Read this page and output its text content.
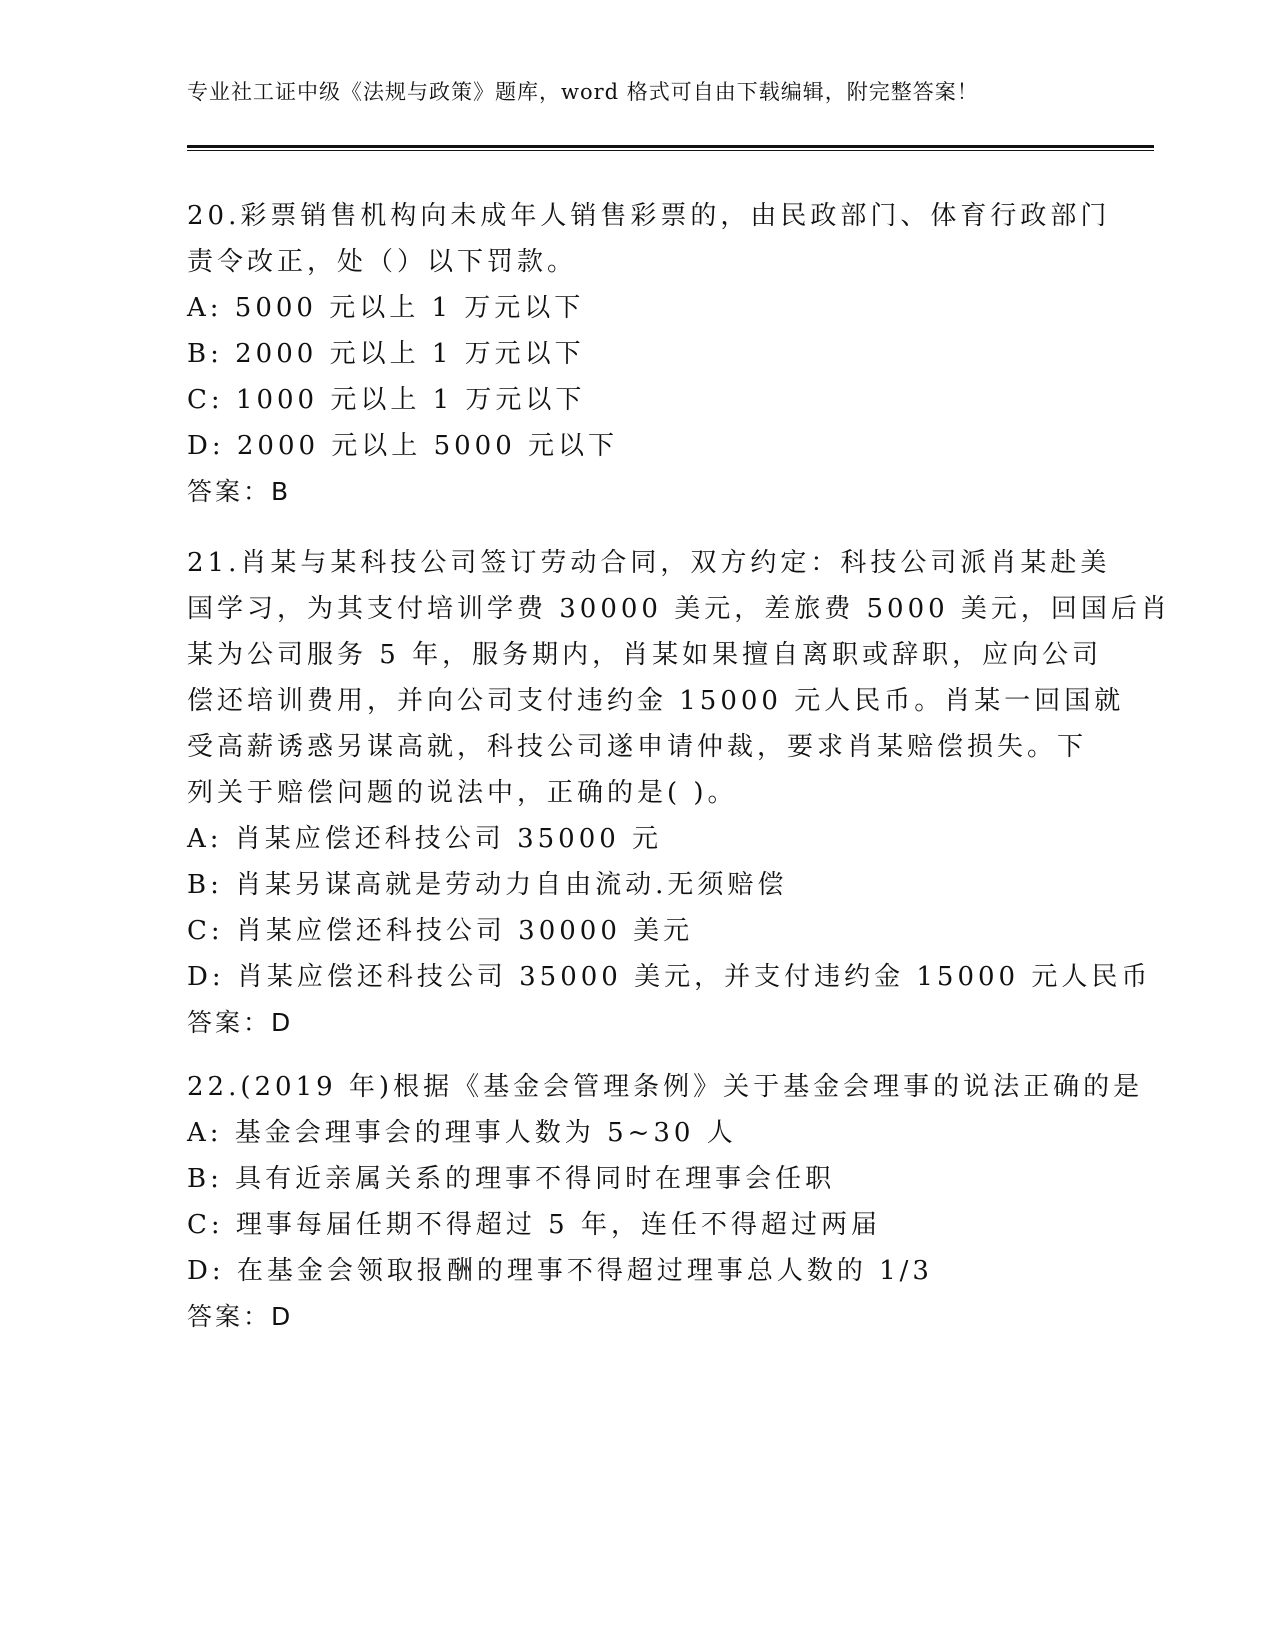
专业社工证中级《法规与政策》题库，word 格式可自由下载编辑，附完整答案！
20.彩票销售机构向未成年人销售彩票的，由民政部门、体育行政部门
责令改正，处（）以下罚款。
A: 5000 元以上 1 万元以下
B: 2000 元以上 1 万元以下
C: 1000 元以上 1 万元以下
D: 2000 元以上 5000 元以下
答案：B
21.肖某与某科技公司签订劳动合同，双方约定：科技公司派肖某赴美
国学习，为其支付培训学费 30000 美元，差旅费 5000 美元，回国后肖
某为公司服务 5 年，服务期内，肖某如果擅自离职或辞职，应向公司
偿还培训费用，并向公司支付违约金 15000 元人民币。肖某一回国就
受高薪诱惑另谋高就，科技公司遂申请仲裁，要求肖某赔偿损失。下
列关于赔偿问题的说法中，正确的是( )。
A: 肖某应偿还科技公司 35000 元
B: 肖某另谋高就是劳动力自由流动.无须赔偿
C: 肖某应偿还科技公司 30000 美元
D: 肖某应偿还科技公司 35000 美元，并支付违约金 15000 元人民币
答案：D
22.(2019 年)根据《基金会管理条例》关于基金会理事的说法正确的是
A: 基金会理事会的理事人数为 5~30 人
B: 具有近亲属关系的理事不得同时在理事会任职
C: 理事每届任期不得超过 5 年，连任不得超过两届
D: 在基金会领取报酬的理事不得超过理事总人数的 1/3
答案：D
